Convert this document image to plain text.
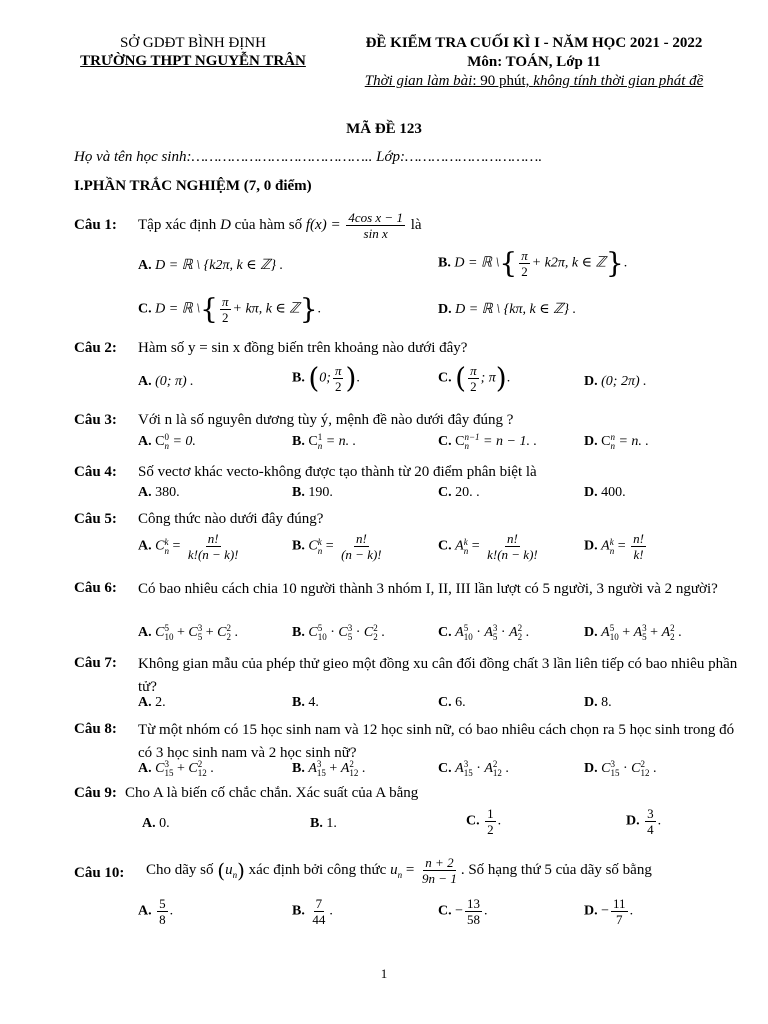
SỞ GDĐT BÌNH ĐỊNH
TRƯỜNG THPT NGUYỄN TRÂN
ĐỀ KIỂM TRA CUỐI KÌ I - NĂM HỌC 2021 - 2022
Môn: TOÁN, Lớp 11
Thời gian làm bài: 90 phút, không tính thời gian phát đề
MÃ ĐỀ 123
Họ và tên học sinh:………………………………….. Lớp:………………………….
I.PHẦN TRẮC NGHIỆM (7, 0 điểm)
Câu 1: Tập xác định D của hàm số $f(x) = \frac{\text{4cos x − 1}}{\text{sin x}}$ là
A. D = ℝ \ {k2π, k ∈ ℤ} .	B. D = ℝ \{ $\frac{\pi}{2} + k2\pi$, k ∈ ℤ}.
C. D = ℝ \{ $\frac{\pi}{2} + k\pi$, k ∈ ℤ}.	D. D = ℝ \ {kπ, k ∈ ℤ} .
Câu 2: Hàm số y = sin x đồng biến trên khoảng nào dưới đây?
A. (0; π) .	B. (0; $\frac{\pi}{2}$ ).	C. ( $\frac{\pi}{2}$ ; π).	D. (0; 2π) .
Câu 3: Với n là số nguyên dương tùy ý, mệnh đề nào dưới đây đúng ?
A. C 0
n = 0.	B. C 1
n = n. .	C. C n−1
n	= n − 1. .	D. C n
n = n. .
Câu 4: Số vectơ khác vecto-không được tạo thành từ 20 điểm phân biệt là
A. 380.	B. 190.	C. 20. .	D. 400.
Câu 5: Công thức nào dưới đây đúng?
A. C k
$n = \frac{n!}{k!(n - k)!}$	B. C k
$n = \frac{n!}{(n - k)!}$	C. A k
$n = \frac{n!}{k!(n - k)!}$	D. A k
$n = \frac{n!}{k!}$
Câu 6: Có bao nhiêu cách chia 10 người thành 3 nhóm I, II, III lần lượt có 5 người, 3 người và 2 người?
A. C 5
10 + C 3
5 + C 2
2 .	B. C 5
10 · C 3
5 · C 2
2 .	C. A 5
10 · A 3
5 · A 2
2 .	D. A 5
10 + A 3
5 + A 2
2 .
Câu 7: Không gian mẫu của phép thử gieo một đồng xu cân đối đồng chất 3 lần liên tiếp có bao nhiêu phần tử?
A. 2.	B. 4.	C. 6.	D. 8.
Câu 8: Từ một nhóm có 15 học sinh nam và 12 học sinh nữ, có bao nhiêu cách chọn ra 5 học sinh trong đó có 3 học sinh nam và 2 học sinh nữ?
A. C 3
15 + C 2
12 .	B. A 3
15 + A 2
12 .	C. A 3
15 · A 2
12 .	D. C 3
15 · C 2
12 .
Câu 9: Cho A là biến cố chắc chắn. Xác suất của A bằng
A. 0.	B. 1.	C. $\frac{1}{2}$ .	D. $\frac{3}{4}$ .
Câu 10: Cho dãy số $(u_n)$ xác định bởi công thức $u_n = \frac{n + 2}{9n - 1}$ . Số hạng thứ 5 của dãy số bằng
A. $\frac{5}{8}$ .	B. $\frac{7}{44}$ .	C. − $\frac{13}{58}$ .	D. − $\frac{11}{7}$ .
1
